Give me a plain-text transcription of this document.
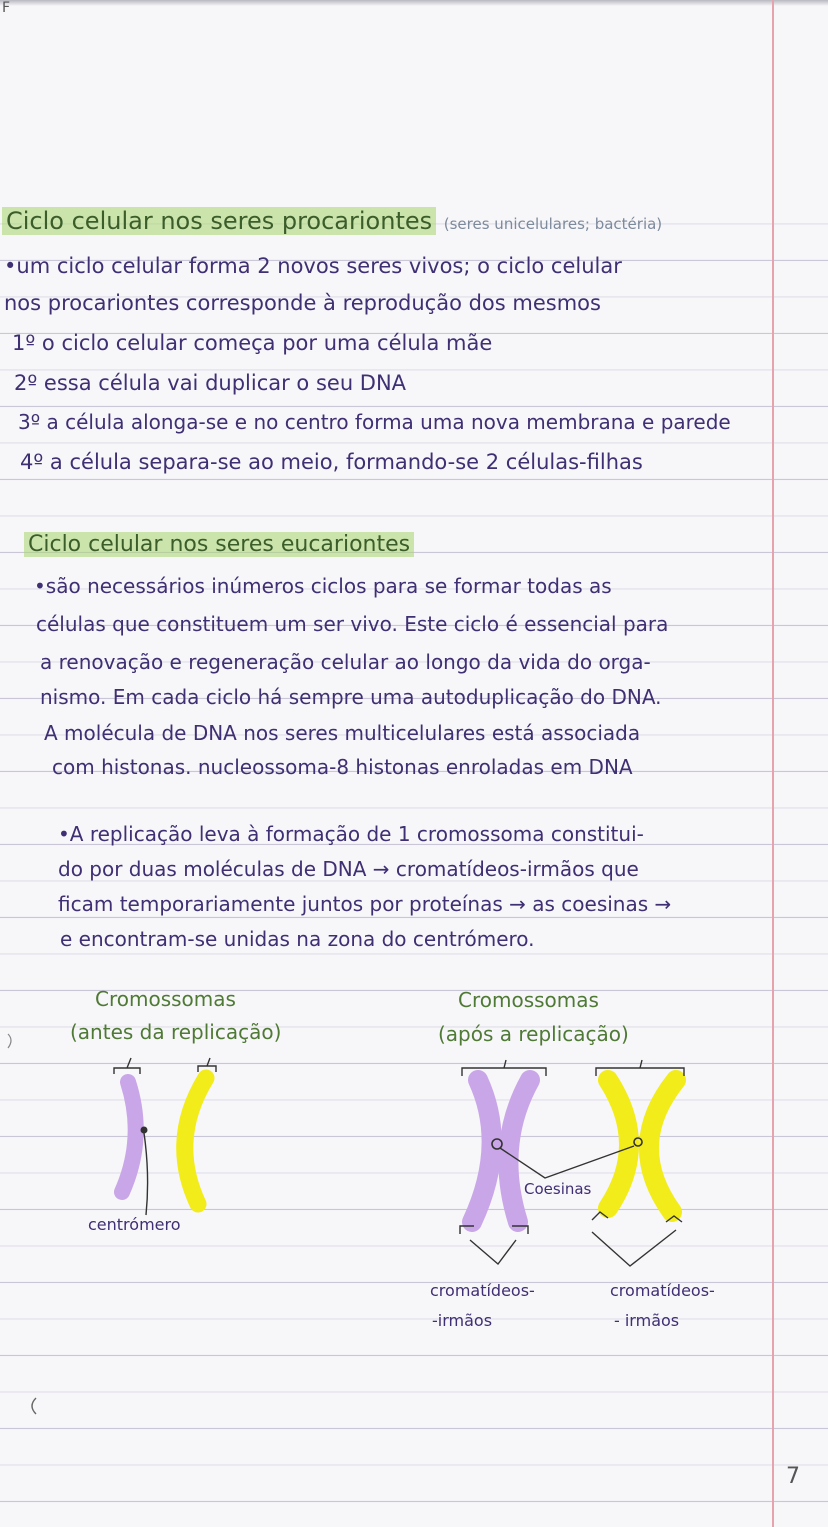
F
Ciclo celular nos seres procariontes (seres unicelulares; bactéria)
•um ciclo celular forma 2 novos seres vivos; o ciclo celular
nos procariontes corresponde à reprodução dos mesmos
1º o ciclo celular começa por uma célula mãe
2º essa célula vai duplicar o seu DNA
3º a célula alonga-se e no centro forma uma nova membrana e parede
4º a célula separa-se ao meio, formando-se 2 células-filhas
Ciclo celular nos seres eucariontes
•são necessários inúmeros ciclos para se formar todas as
células que constituem um ser vivo. Este ciclo é essencial para
a renovação e regeneração celular ao longo da vida do orga-
nismo. Em cada ciclo há sempre uma autoduplicação do DNA.
A molécula de DNA nos seres multicelulares está associada
com histonas. nucleossoma-8 histonas enroladas em DNA
•A replicação leva à formação de 1 cromossoma constitui-
do por duas moléculas de DNA → cromatídeos-irmãos que
ficam temporariamente juntos por proteínas → as coesinas →
e encontram-se unidas na zona do centrómero.
Cromossomas
(antes da replicação)
Cromossomas
(após a replicação)
centrómero
Coesinas
cromatídeos-
-irmãos
cromatídeos-
- irmãos
7
